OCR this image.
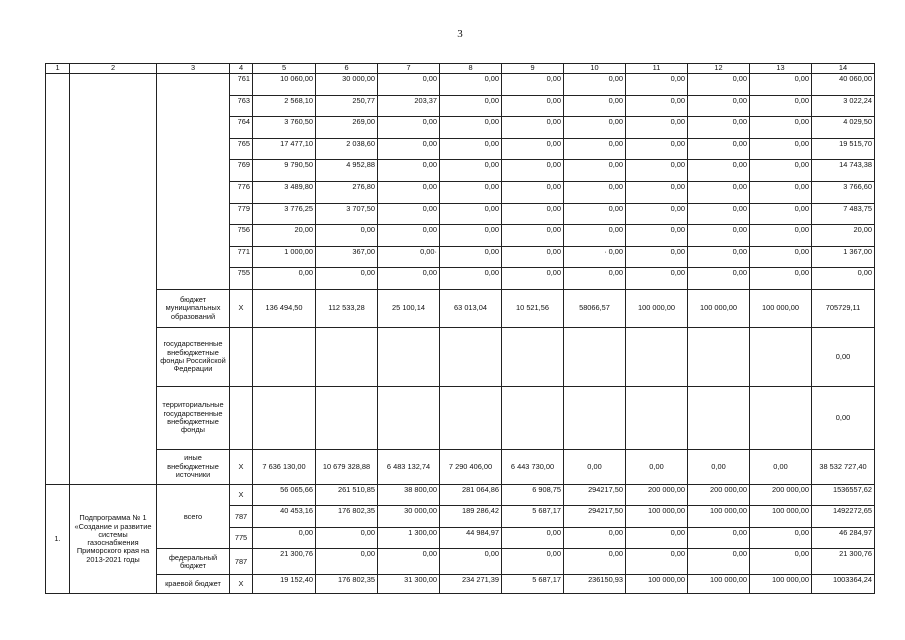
3
1	2	3	4	5	6	7	8	9	10	11	12	13	14
			761	10 060,00	30 000,00	0,00	0,00	0,00	0,00	0,00	0,00	0,00	40 060,00
			763	2 568,10	250,77	203,37	0,00	0,00	0,00	0,00	0,00	0,00	3 022,24
			764	3 760,50	269,00	0,00	0,00	0,00	0,00	0,00	0,00	0,00	4 029,50
			765	17 477,10	2 038,60	0,00	0,00	0,00	0,00	0,00	0,00	0,00	19 515,70
			769	9 790,50	4 952,88	0,00	0,00	0,00	0,00	0,00	0,00	0,00	14 743,38
			776	3 489,80	276,80	0,00	0,00	0,00	0,00	0,00	0,00	0,00	3 766,60
			779	3 776,25	3 707,50	0,00	0,00	0,00	0,00	0,00	0,00	0,00	7 483,75
			756	20,00	0,00	0,00	0,00	0,00	0,00	0,00	0,00	0,00	20,00
			771	1 000,00	367,00	0,00·	0,00	0,00	· 0,00	0,00	0,00	0,00	1 367,00
			755	0,00	0,00	0,00	0,00	0,00	0,00	0,00	0,00	0,00	0,00
		бюджет муниципальных образований	X	136 494,50	112 533,28	25 100,14	63 013,04	10 521,56	58066,57	100 000,00	100 000,00	100 000,00	705729,11
		государственные внебюджетные фонды Российской Федерации											0,00
		территориальные государственные внебюджетные фонды											0,00
		иные внебюджетные источники	X	7 636 130,00	10 679 328,88	6 483 132,74	7 290 406,00	6 443 730,00	0,00	0,00	0,00	0,00	38 532 727,40
1.	Подпрограмма № 1 «Создание и развитие системы газоснабжения Приморского края на 2013-2021 годы	всего	X	56 065,66	261 510,85	38 800,00	281 064,86	6 908,75	294217,50	200 000,00	200 000,00	200 000,00	1536557,62
			787	40 453,16	176 802,35	30 000,00	189 286,42	5 687,17	294217,50	100 000,00	100 000,00	100 000,00	1492272,65
			775	0,00	0,00	1 300,00	44 984,97	0,00	0,00	0,00	0,00	0,00	46 284,97
		федеральный бюджет	787	21 300,76	0,00	0,00	0,00	0,00	0,00	0,00	0,00	0,00	21 300,76
		краевой бюджет	X	19 152,40	176 802,35	31 300,00	234 271,39	5 687,17	236150,93	100 000,00	100 000,00	100 000,00	1003364,24
